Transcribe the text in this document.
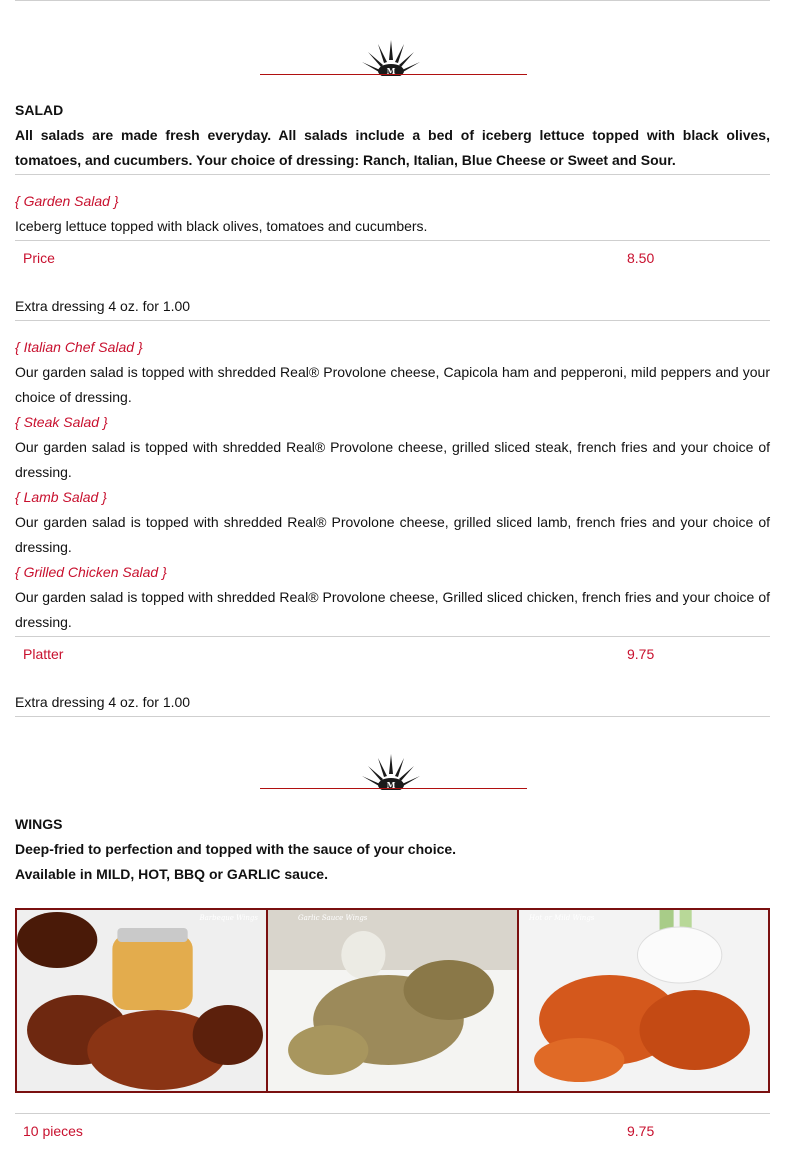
M
SALAD
All salads are made fresh everyday. All salads include a bed of iceberg lettuce topped with black olives, tomatoes, and cucumbers. Your choice of dressing: Ranch, Italian, Blue Cheese or Sweet and Sour.
{ Garden Salad }
Iceberg lettuce topped with black olives, tomatoes and cucumbers.
Price	8.50
Extra dressing 4 oz. for 1.00
{ Italian Chef Salad }
Our garden salad is topped with shredded Real® Provolone cheese, Capicola ham and pepperoni, mild peppers and your choice of dressing.
{ Steak Salad }
Our garden salad is topped with shredded Real® Provolone cheese, grilled sliced steak, french fries and your choice of dressing.
{ Lamb Salad }
Our garden salad is topped with shredded Real® Provolone cheese, grilled sliced lamb, french fries and your choice of dressing.
{ Grilled Chicken Salad }
Our garden salad is topped with shredded Real® Provolone cheese, Grilled sliced chicken, french fries and your choice of dressing.
Platter	9.75
Extra dressing 4 oz. for 1.00
M
WINGS
Deep-fried to perfection and topped with the sauce of your choice.
Available in MILD, HOT, BBQ or GARLIC sauce.
Barbeque Wings	Garlic Sauce Wings	Hot or Mild Wings
10 pieces	9.75
